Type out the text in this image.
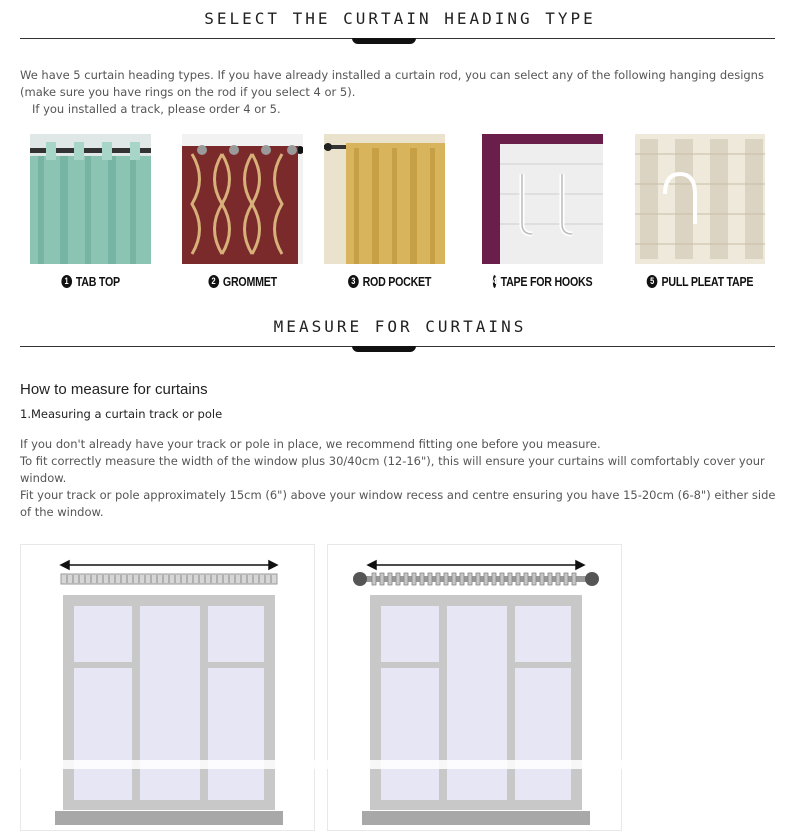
SELECT THE CURTAIN HEADING TYPE
We have 5 curtain heading types. If you have already installed a curtain rod, you can select any of the following hanging designs
(make sure you have rings on the rod if you select 4 or 5).
If you installed a track, please order 4 or 5.
1 TAB TOP	2 GROMMET	3 ROD POCKET	4 TAPE FOR HOOKS	5 PULL PLEAT TAPE
MEASURE FOR CURTAINS
How to measure for curtains
1.Measuring a curtain track or pole
If you don't already have your track or pole in place, we recommend fitting one before you measure.
To fit correctly measure the width of the window plus 30/40cm (12-16"), this will ensure your curtains will comfortably cover your window.
Fit your track or pole approximately 15cm (6") above your window recess and centre ensuring you have 15-20cm (6-8") either side of the window.
